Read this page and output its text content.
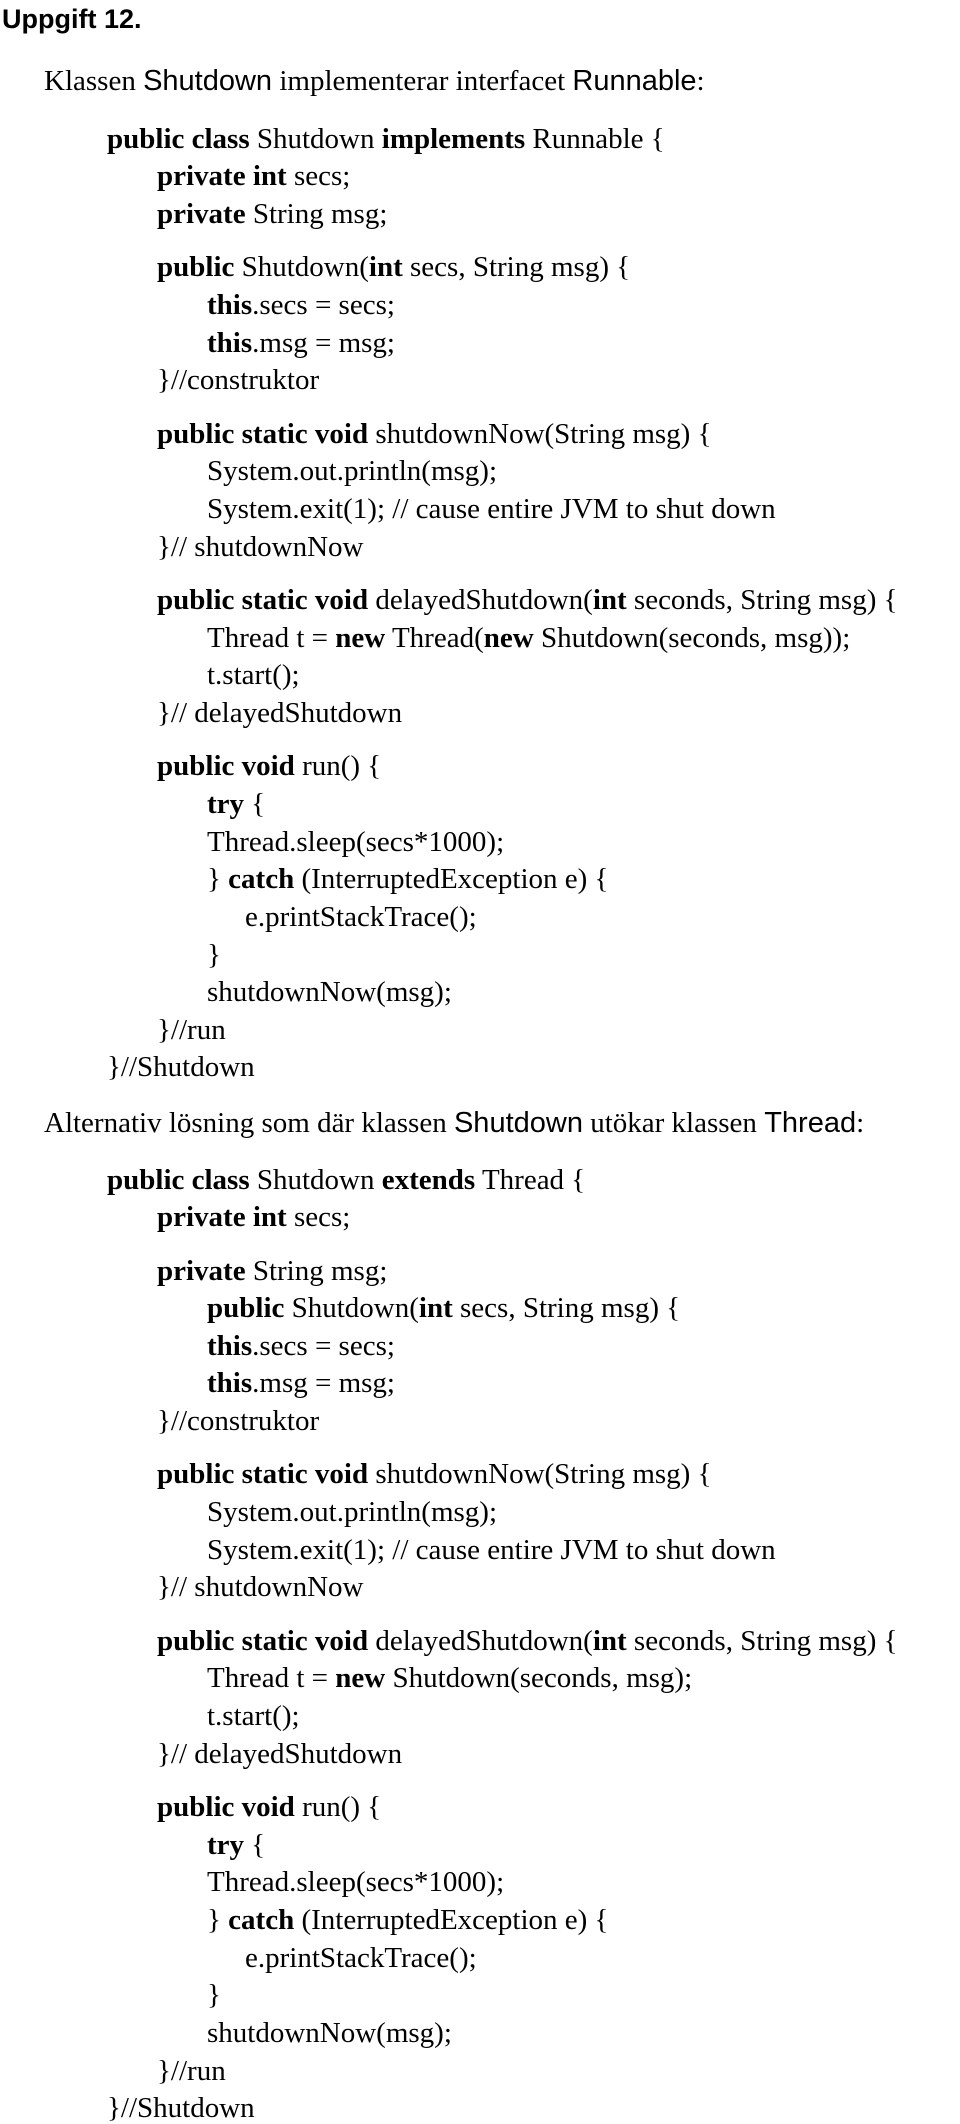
Uppgift 12.
Klassen Shutdown implementerar interfacet Runnable:
public class Shutdown implements Runnable {
private int secs;
private String msg;
public Shutdown(int secs, String msg) {
this.secs = secs;
this.msg = msg;
}//construktor
public static void shutdownNow(String msg) {
System.out.println(msg);
System.exit(1); // cause entire JVM to shut down
}// shutdownNow
public static void delayedShutdown(int seconds, String msg) {
Thread t = new Thread(new Shutdown(seconds, msg));
t.start();
}// delayedShutdown
public void run() {
try {
Thread.sleep(secs*1000);
} catch (InterruptedException e) {
e.printStackTrace();
}
shutdownNow(msg);
}//run
}//Shutdown
Alternativ lösning som där klassen Shutdown utökar klassen Thread:
public class Shutdown extends Thread {
private int secs;
private String msg;
public Shutdown(int secs, String msg) {
this.secs = secs;
this.msg = msg;
}//construktor
public static void shutdownNow(String msg) {
System.out.println(msg);
System.exit(1); // cause entire JVM to shut down
}// shutdownNow
public static void delayedShutdown(int seconds, String msg) {
Thread t = new Shutdown(seconds, msg);
t.start();
}// delayedShutdown
public void run() {
try {
Thread.sleep(secs*1000);
} catch (InterruptedException e) {
e.printStackTrace();
}
shutdownNow(msg);
}//run
}//Shutdown
